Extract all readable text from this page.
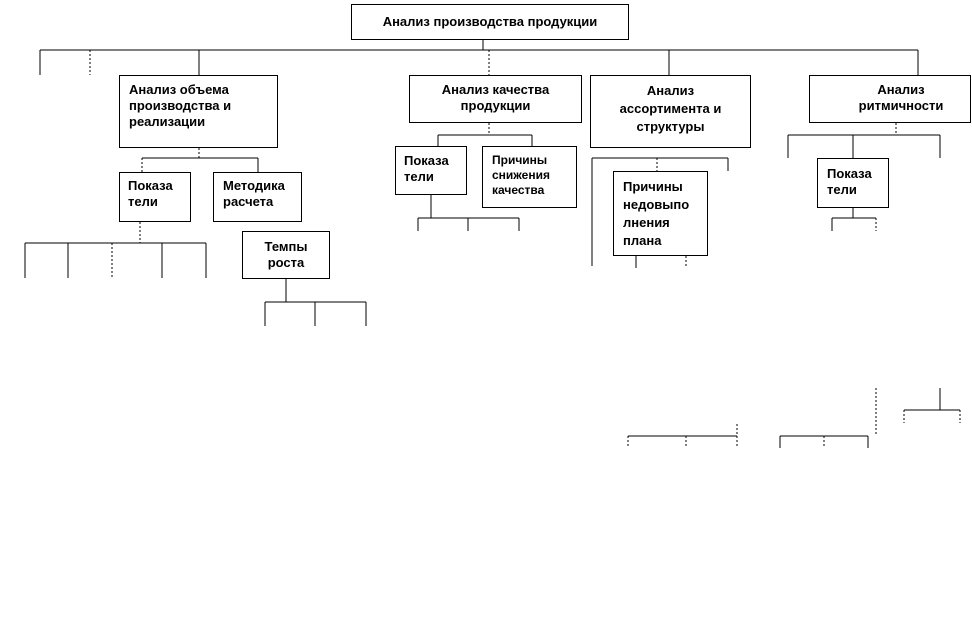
Анализ производства продукции
Анализ объема
производства и
реализации
Анализ качества
продукции
Анализ
ассортимента и
структуры
Анализ
ритмичности
Показа
тели
Методика
расчета
Темпы
роста
Показа
тели
Причины
снижения
качества	Причины
недовыпо
лнения
плана
Показа
тели
